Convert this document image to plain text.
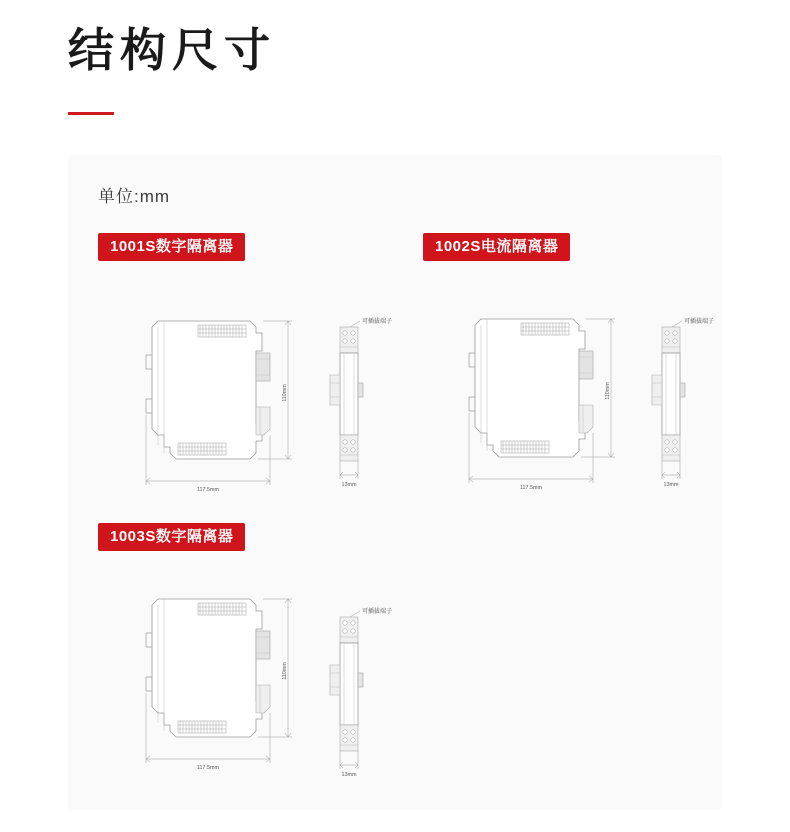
结构尺寸
单位:mm
1001S数字隔离器	1002S电流隔离器
1003S数字隔离器
110mm
117.5mm
可插拔端子
13mm
110mm
117.5mm
可插拔端子
13mm
110mm
117.5mm
可插拔端子
13mm
